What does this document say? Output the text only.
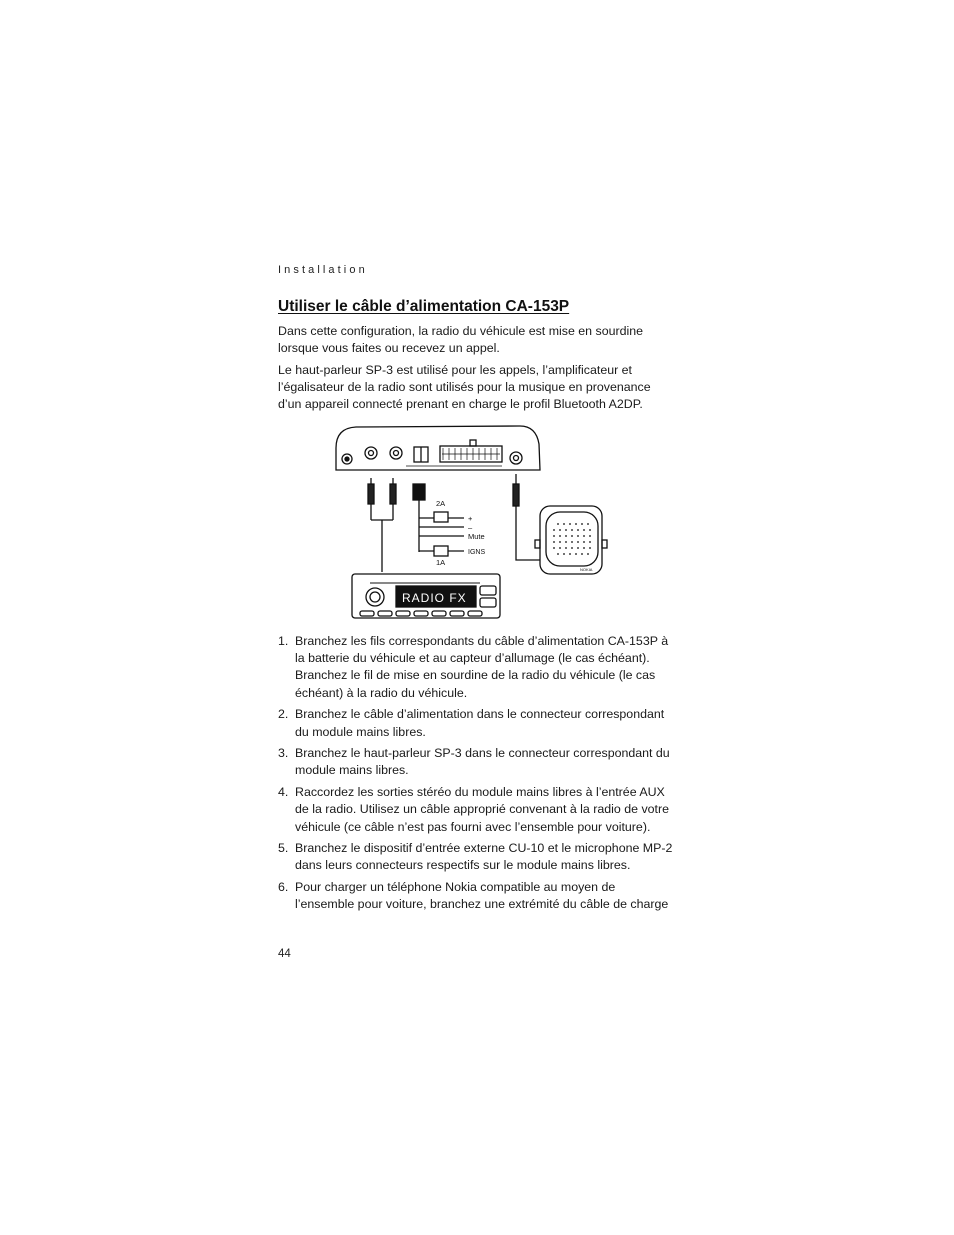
Installation
Utiliser le câble d’alimentation CA-153P

Dans cette configuration, la radio du véhicule est mise en sourdine lorsque vous faites ou recevez un appel.

Le haut-parleur SP-3 est utilisé pour les appels, l’amplificateur et l’égalisateur de la radio sont utilisés pour la musique en provenance d’un appareil connecté prenant en charge le profil Bluetooth A2DP.

2A
1A
+
–
Mute
IGNS
NOKIA
RADIO FX
1. Branchez les fils correspondants du câble d’alimentation CA-153P à la batterie du véhicule et au capteur d’allumage (le cas échéant). Branchez le fil de mise en sourdine de la radio du véhicule (le cas échéant) à la radio du véhicule.
2. Branchez le câble d’alimentation dans le connecteur correspondant du module mains libres.
3. Branchez le haut-parleur SP-3 dans le connecteur correspondant du module mains libres.
4. Raccordez les sorties stéréo du module mains libres à l’entrée AUX de la radio. Utilisez un câble approprié convenant à la radio de votre véhicule (ce câble n’est pas fourni avec l’ensemble pour voiture).
5. Branchez le dispositif d’entrée externe CU-10 et le microphone MP-2 dans leurs connecteurs respectifs sur le module mains libres.
6. Pour charger un téléphone Nokia compatible au moyen de l’ensemble pour voiture, branchez une extrémité du câble de charge
44
